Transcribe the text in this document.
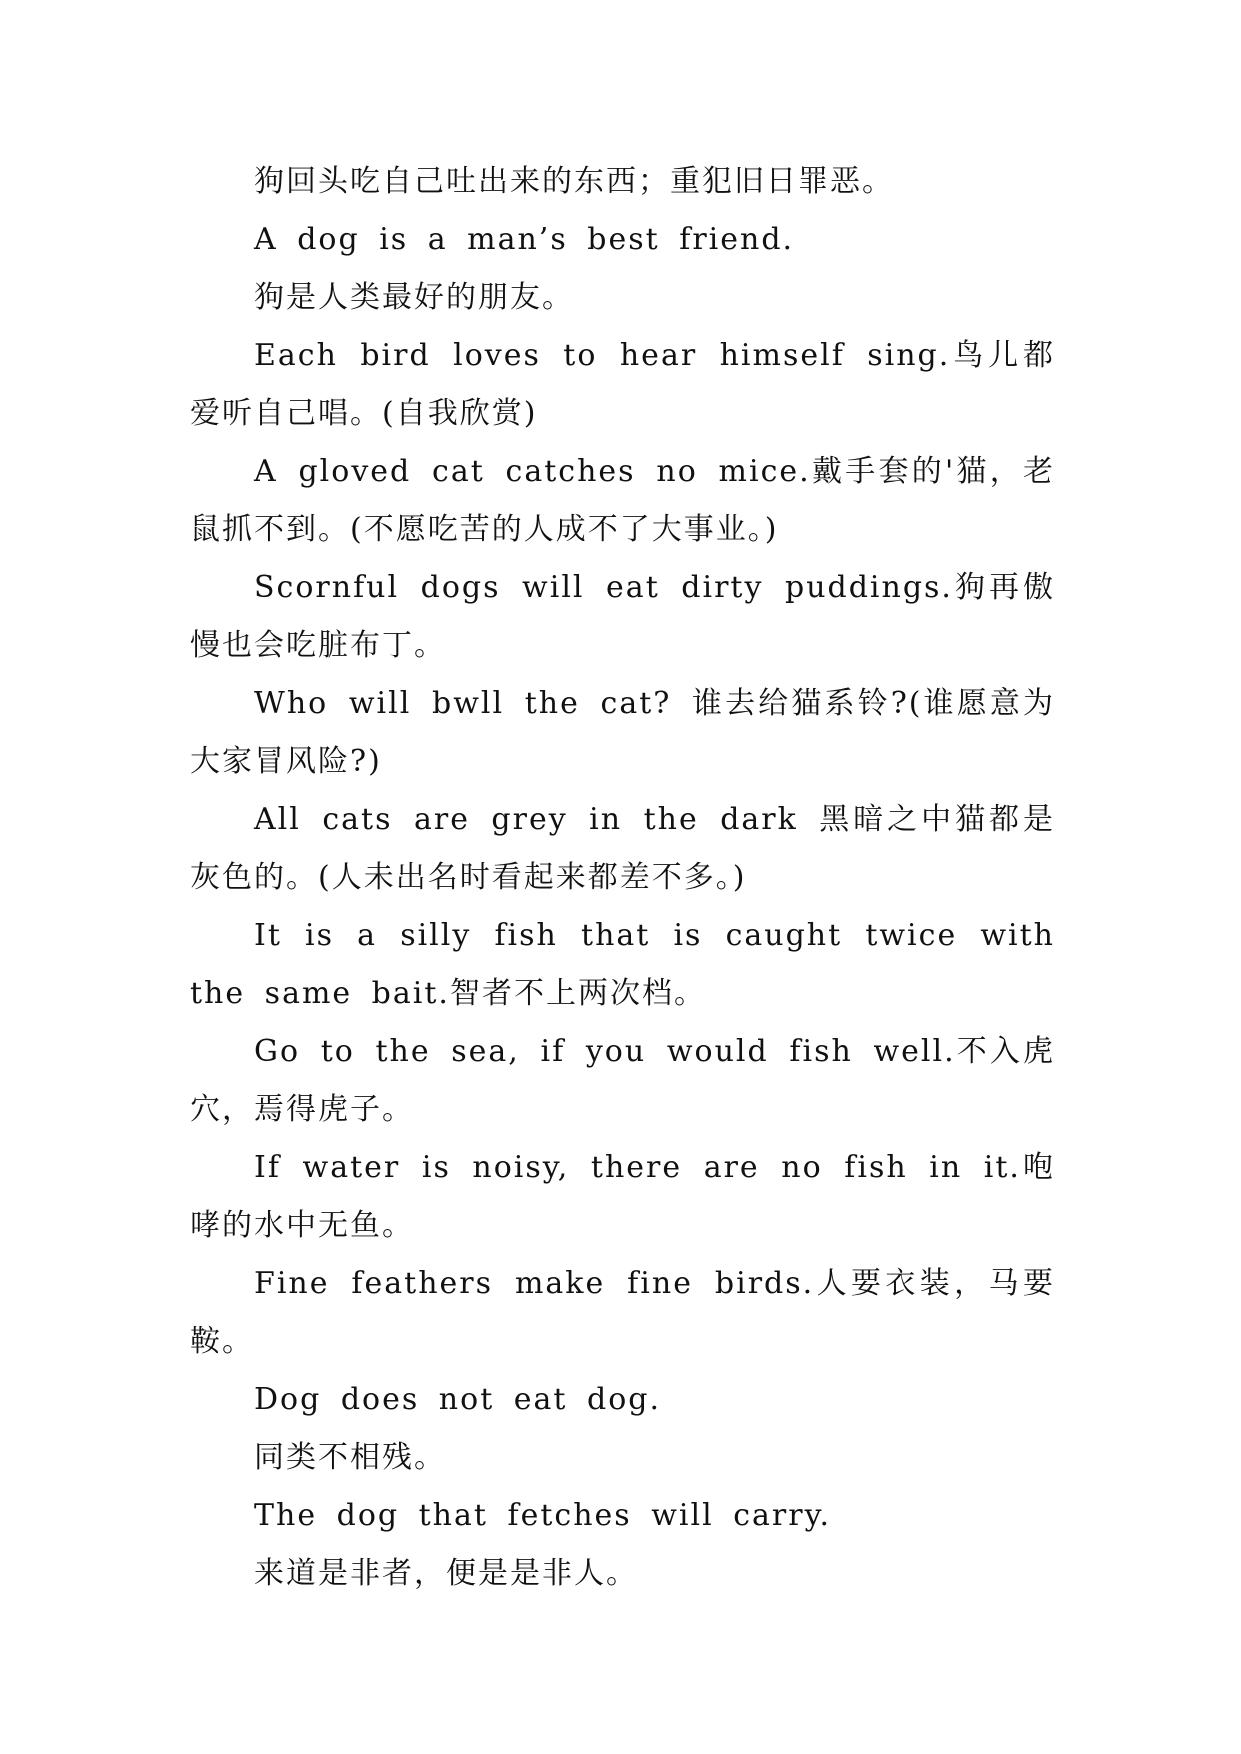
狗回头吃自己吐出来的东西；重犯旧日罪恶。

A dog is a man’s best friend.

狗是人类最好的朋友。

Each bird loves to hear himself sing.鸟儿都爱听自己唱。(自我欣赏)

A gloved cat catches no mice.戴手套的'猫，老鼠抓不到。(不愿吃苦的人成不了大事业。)

Scornful dogs will eat dirty puddings.狗再傲慢也会吃脏布丁。

Who will bwll the cat? 谁去给猫系铃?(谁愿意为大家冒风险?)

All cats are grey in the dark 黑暗之中猫都是灰色的。(人未出名时看起来都差不多。)

It is a silly fish that is caught twice with the same bait.智者不上两次档。

Go to the sea, if you would fish well.不入虎穴，焉得虎子。

If water is noisy, there are no fish in it.咆哮的水中无鱼。

Fine feathers make fine birds.人要衣装，马要鞍。

Dog does not eat dog.

同类不相残。

The dog that fetches will carry.

来道是非者，便是是非人。
